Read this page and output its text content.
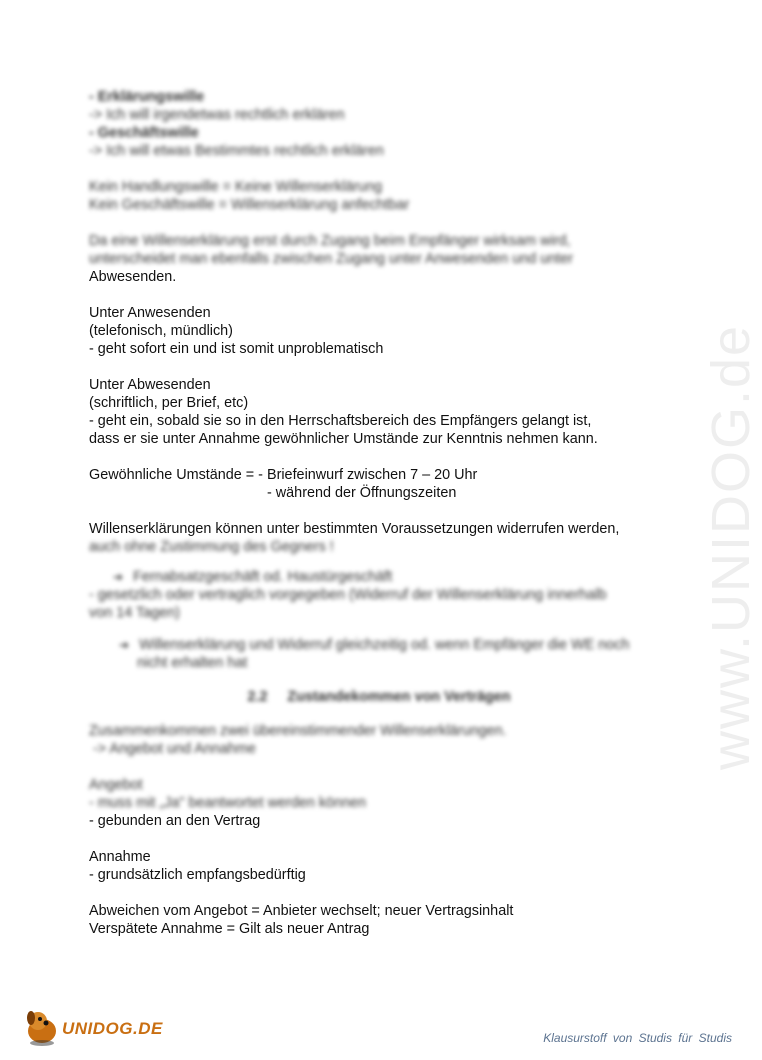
www.UNIDOG.de

- Erklärungswille

-> Ich will irgendetwas rechtlich erklären

- Geschäftswille

-> Ich will etwas Bestimmtes rechtlich erklären

Kein Handlungswille = Keine Willenserklärung

Kein Geschäftswille = Willenserklärung anfechtbar

Da eine Willenserklärung erst durch Zugang beim Empfänger wirksam wird,

unterscheidet man ebenfalls zwischen Zugang unter Anwesenden und unter

Abwesenden.

Unter Anwesenden

(telefonisch, mündlich)

- geht sofort ein und ist somit unproblematisch

Unter Abwesenden

(schriftlich, per Brief, etc)

- geht ein, sobald sie so in den Herrschaftsbereich des Empfängers gelangt ist,

dass er sie unter Annahme gewöhnlicher Umstände zur Kenntnis nehmen kann.

Gewöhnliche Umstände = - Briefeinwurf zwischen 7 – 20 Uhr

- während der Öffnungszeiten

Willenserklärungen können unter bestimmten Voraussetzungen widerrufen werden,

auch ohne Zustimmung des Gegners !

➔ Fernabsatzgeschäft od. Haustürgeschäft

- gesetzlich oder vertraglich vorgegeben (Widerruf der Willenserklärung innerhalb

von 14 Tagen)

➔ Willenserklärung und Widerruf gleichzeitig od. wenn Empfänger die WE noch

nicht erhalten hat

2.2     Zustandekommen von Verträgen

Zusammenkommen zwei übereinstimmender Willenserklärungen.

-> Angebot und Annahme

Angebot

- muss mit „Ja" beantwortet werden können

- gebunden an den Vertrag

Annahme

- grundsätzlich empfangsbedürftig

Abweichen vom Angebot = Anbieter wechselt; neuer Vertragsinhalt

Verspätete Annahme = Gilt als neuer Antrag

UNIDOG.DE	Klausurstoff von Studis für Studis
